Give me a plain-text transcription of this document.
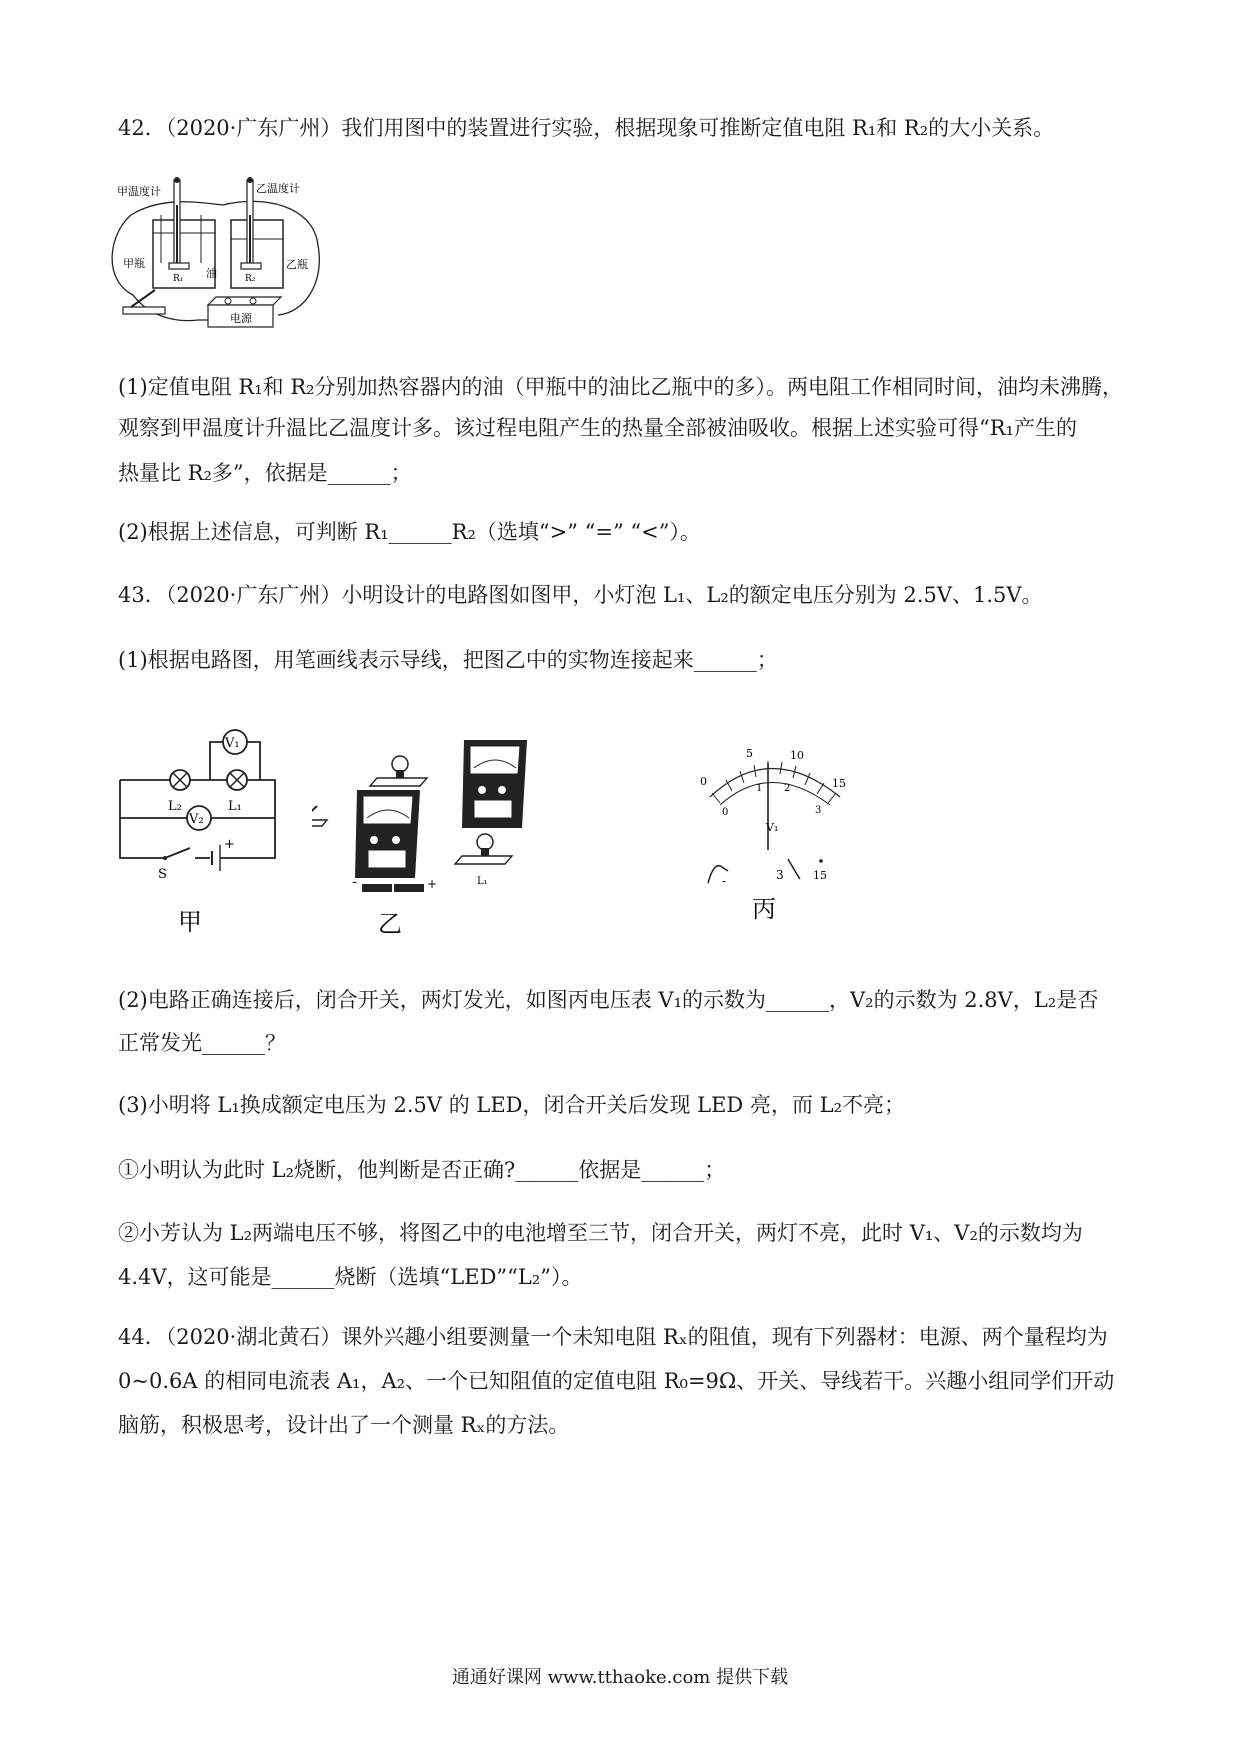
42．（2020·广东广州）我们用图中的装置进行实验，根据现象可推断定值电阻 R₁和 R₂的大小关系。
电源
甲温度计	乙温度计
甲瓶	乙瓶
油
R₁	R₂
(1)定值电阻 R₁和 R₂分别加热容器内的油（甲瓶中的油比乙瓶中的多）。两电阻工作相同时间，油均未沸腾，
观察到甲温度计升温比乙温度计多。该过程电阻产生的热量全部被油吸收。根据上述实验可得“R₁产生的
热量比 R₂多”，依据是______；
(2)根据上述信息，可判断 R₁______R₂（选填“>” “=” “<”）。
43．（2020·广东广州）小明设计的电路图如图甲，小灯泡 L₁、L₂的额定电压分别为 2.5V、1.5V。
(1)根据电路图，用笔画线表示导线，把图乙中的实物连接起来______；
V₁
L₂	L₁
V₂
S
+
甲
L₁
-	+
乙
0
5	10
15
0
1 2
3
V₁
-	3	15
丙
(2)电路正确连接后，闭合开关，两灯发光，如图丙电压表 V₁的示数为______，V₂的示数为 2.8V，L₂是否
正常发光______？
(3)小明将 L₁换成额定电压为 2.5V 的 LED，闭合开关后发现 LED 亮，而 L₂不亮；
①小明认为此时 L₂烧断，他判断是否正确?______依据是______；
②小芳认为 L₂两端电压不够，将图乙中的电池增至三节，闭合开关，两灯不亮，此时 V₁、V₂的示数均为
4.4V，这可能是______烧断（选填“LED”“L₂”）。
44．（2020·湖北黄石）课外兴趣小组要测量一个未知电阻 Rₓ的阻值，现有下列器材：电源、两个量程均为
0~0.6A 的相同电流表 A₁，A₂、一个已知阻值的定值电阻 R₀=9Ω、开关、导线若干。兴趣小组同学们开动
脑筋，积极思考，设计出了一个测量 Rₓ的方法。
通通好课网 www.tthaoke.com 提供下载
